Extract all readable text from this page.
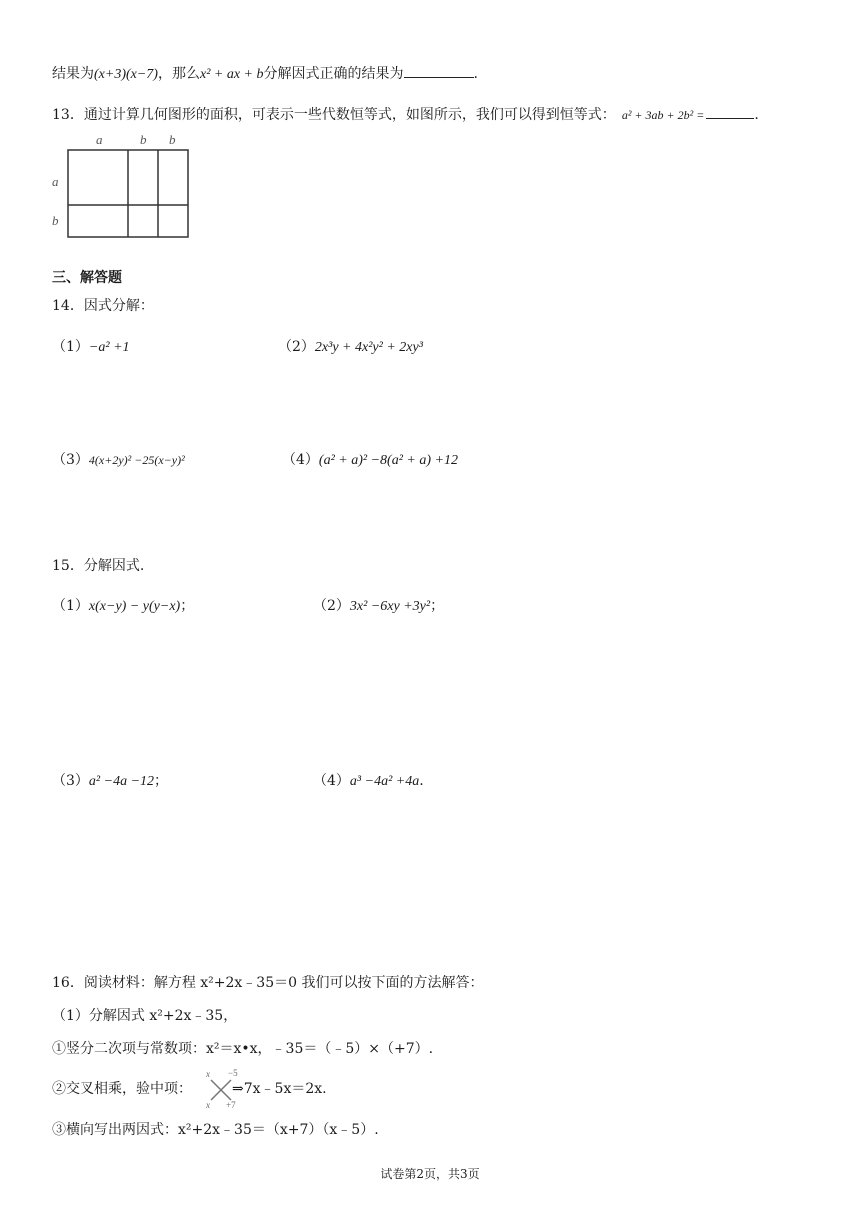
结果为(x+3)(x−7)，那么x² + ax + b分解因式正确的结果为	.
13．通过计算几何图形的面积，可表示一些代数恒等式，如图所示，我们可以得到恒等式： a² + 3ab + 2b² =	.
a	b b
a
b
三、解答题
14．因式分解：
（1）−a² +1	（2）2x³y + 4x²y² + 2xy³
（3）4(x+2y)² −25(x−y)²	（4）(a² + a)² −8(a² + a) +12
15．分解因式.
（1）x(x−y) − y(y−x)；	（2）3x² −6xy +3y²；
（3）a² −4a −12；	（4）a³ −4a² +4a.
16．阅读材料：解方程 x²+2x﹣35＝0 我们可以按下面的方法解答：
（1）分解因式 x²+2x﹣35，
①竖分二次项与常数项：x²＝x•x，﹣35＝（﹣5）×（+7）.
②交叉相乘，验中项：	⇒7x﹣5x＝2x.
x −5
x +7
③横向写出两因式：x²+2x﹣35＝（x+7）（x﹣5）.
试卷第2页，共3页
